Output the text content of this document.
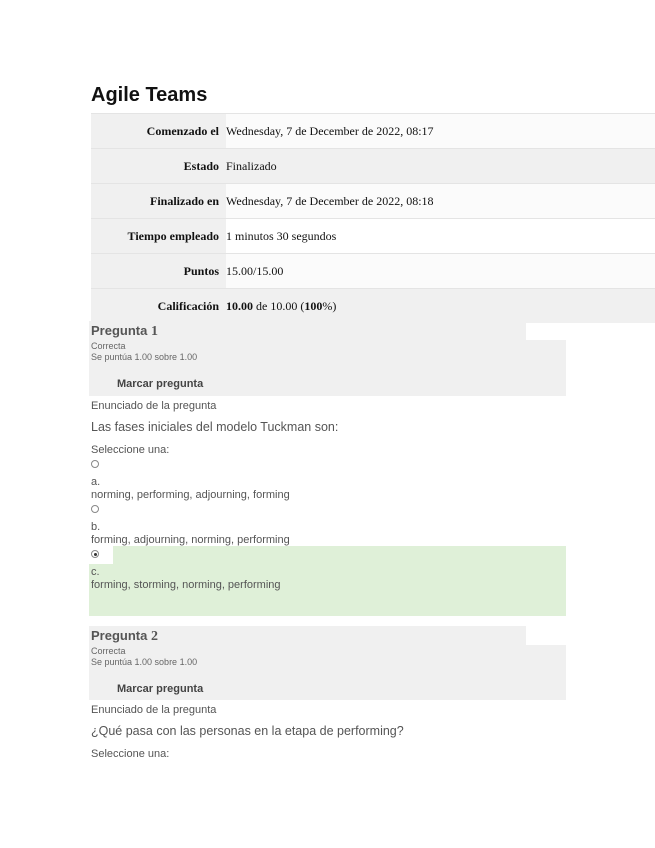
Agile Teams
Comenzado el	Wednesday, 7 de December de 2022, 08:17
Estado	Finalizado
Finalizado en	Wednesday, 7 de December de 2022, 08:18
Tiempo empleado	1 minutos 30 segundos
Puntos	15.00/15.00
Calificación	10.00 de 10.00 (100%)
Pregunta 1
Correcta
Se puntúa 1.00 sobre 1.00
Marcar pregunta
Enunciado de la pregunta
Las fases iniciales del modelo Tuckman son:
Seleccione una:
a.
norming, performing, adjourning, forming
b.
forming, adjourning, norming, performing
c.
forming, storming, norming, performing
Pregunta 2
Correcta
Se puntúa 1.00 sobre 1.00
Marcar pregunta
Enunciado de la pregunta
¿Qué pasa con las personas en la etapa de performing?
Seleccione una:
